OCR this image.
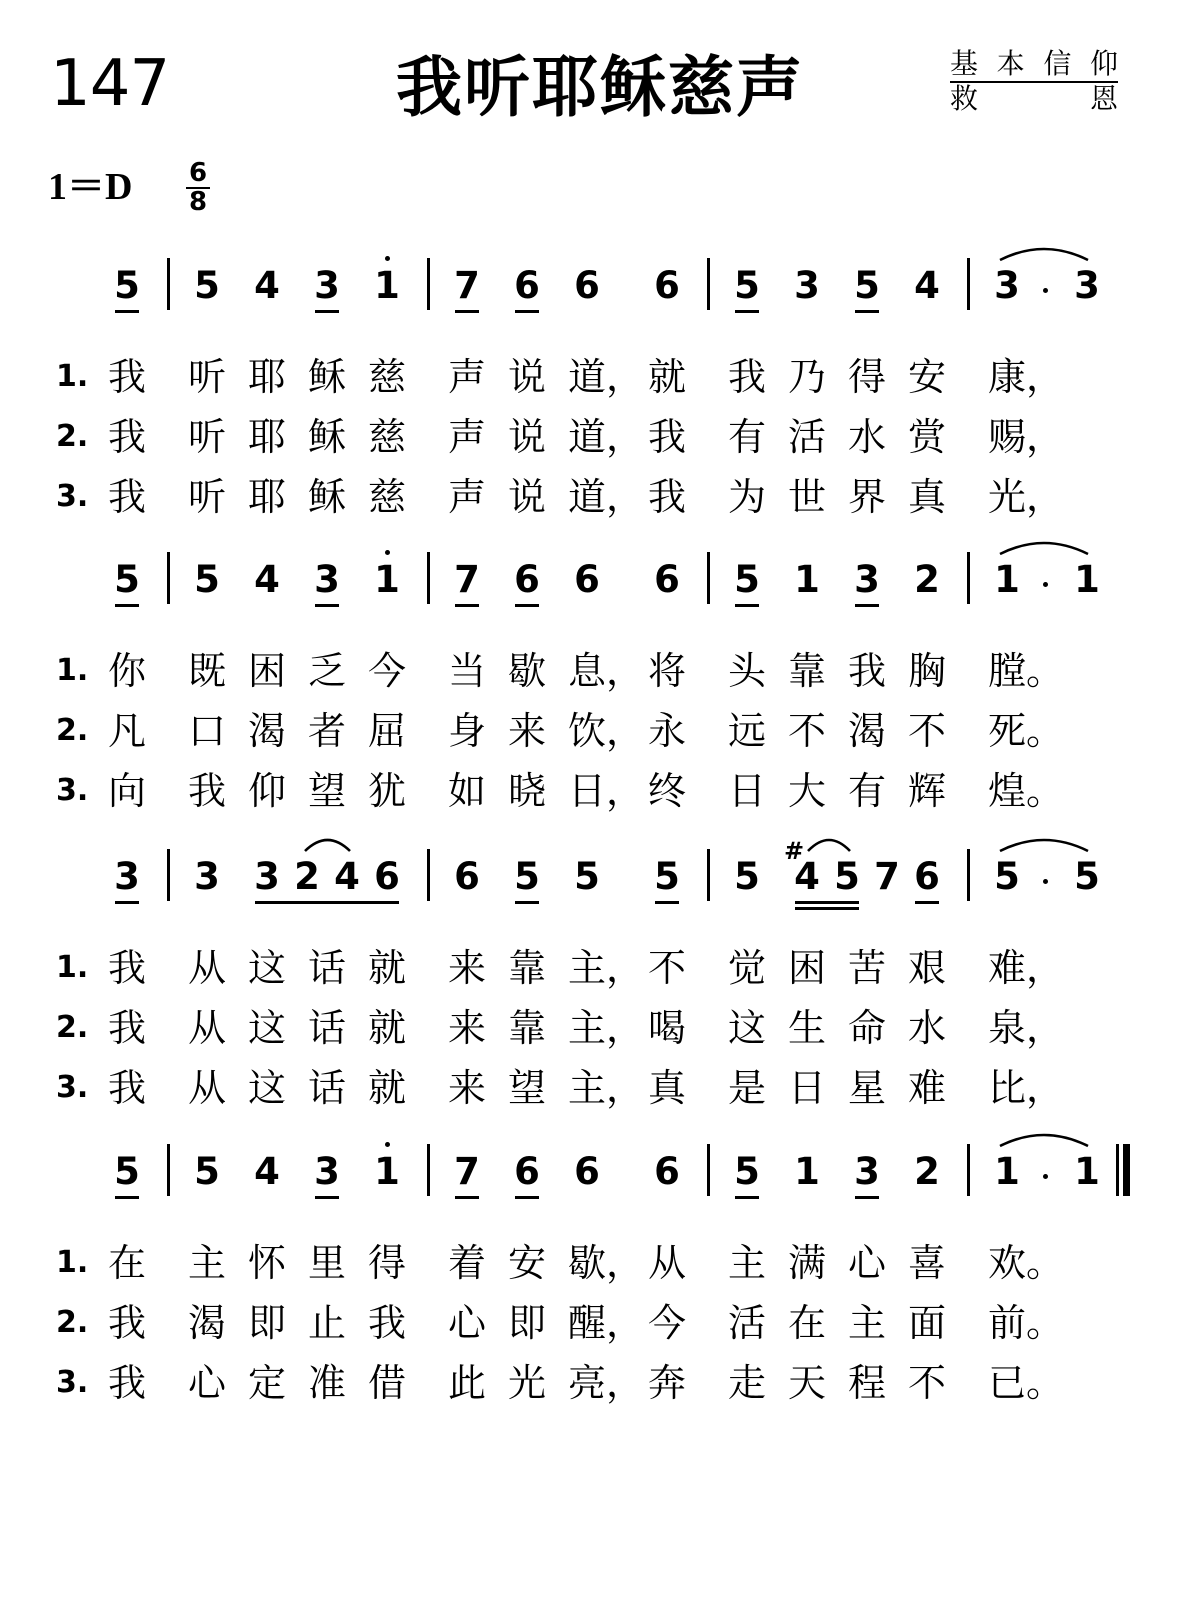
147	我听耶稣慈声	基 本 信 仰
救	恩
1＝D 6
8
5 5 4 3 1 7 6 6 6 5 3 5 4 3 3
1. 我	听 耶 稣 慈	声 说 道， 就	我 乃 得 安	康，
2. 我	听 耶 稣 慈	声 说 道， 我	有 活 水 赏	赐，
3. 我	听 耶 稣 慈	声 说 道， 我	为 世 界 真	光，
5 5 4 3 1 7 6 6 6 5 1 3 2 1 1
1. 你	既 困 乏 今	当 歇 息， 将	头 靠 我 胸	膛。
2. 凡	口 渴 者 屈	身 来 饮， 永	远 不 渴 不	死。
3. 向	我 仰 望 犹	如 晓 日， 终	日 大 有 辉	煌。
3 3 3 2 4 6 6 5 5 5 5 4 5 7 6 5 5
#
1. 我	从 这 话 就	来 靠 主， 不	觉 困 苦 艰	难，
2. 我	从 这 话 就	来 靠 主， 喝	这 生 命 水	泉，
3. 我	从 这 话 就	来 望 主， 真	是 日 星 难	比，
5 5 4 3 1 7 6 6 6 5 1 3 2 1 1
1. 在	主 怀 里 得	着 安 歇， 从	主 满 心 喜	欢。
2. 我	渴 即 止 我	心 即 醒， 今	活 在 主 面	前。
3. 我	心 定 准 借	此 光 亮， 奔	走 天 程 不	已。
